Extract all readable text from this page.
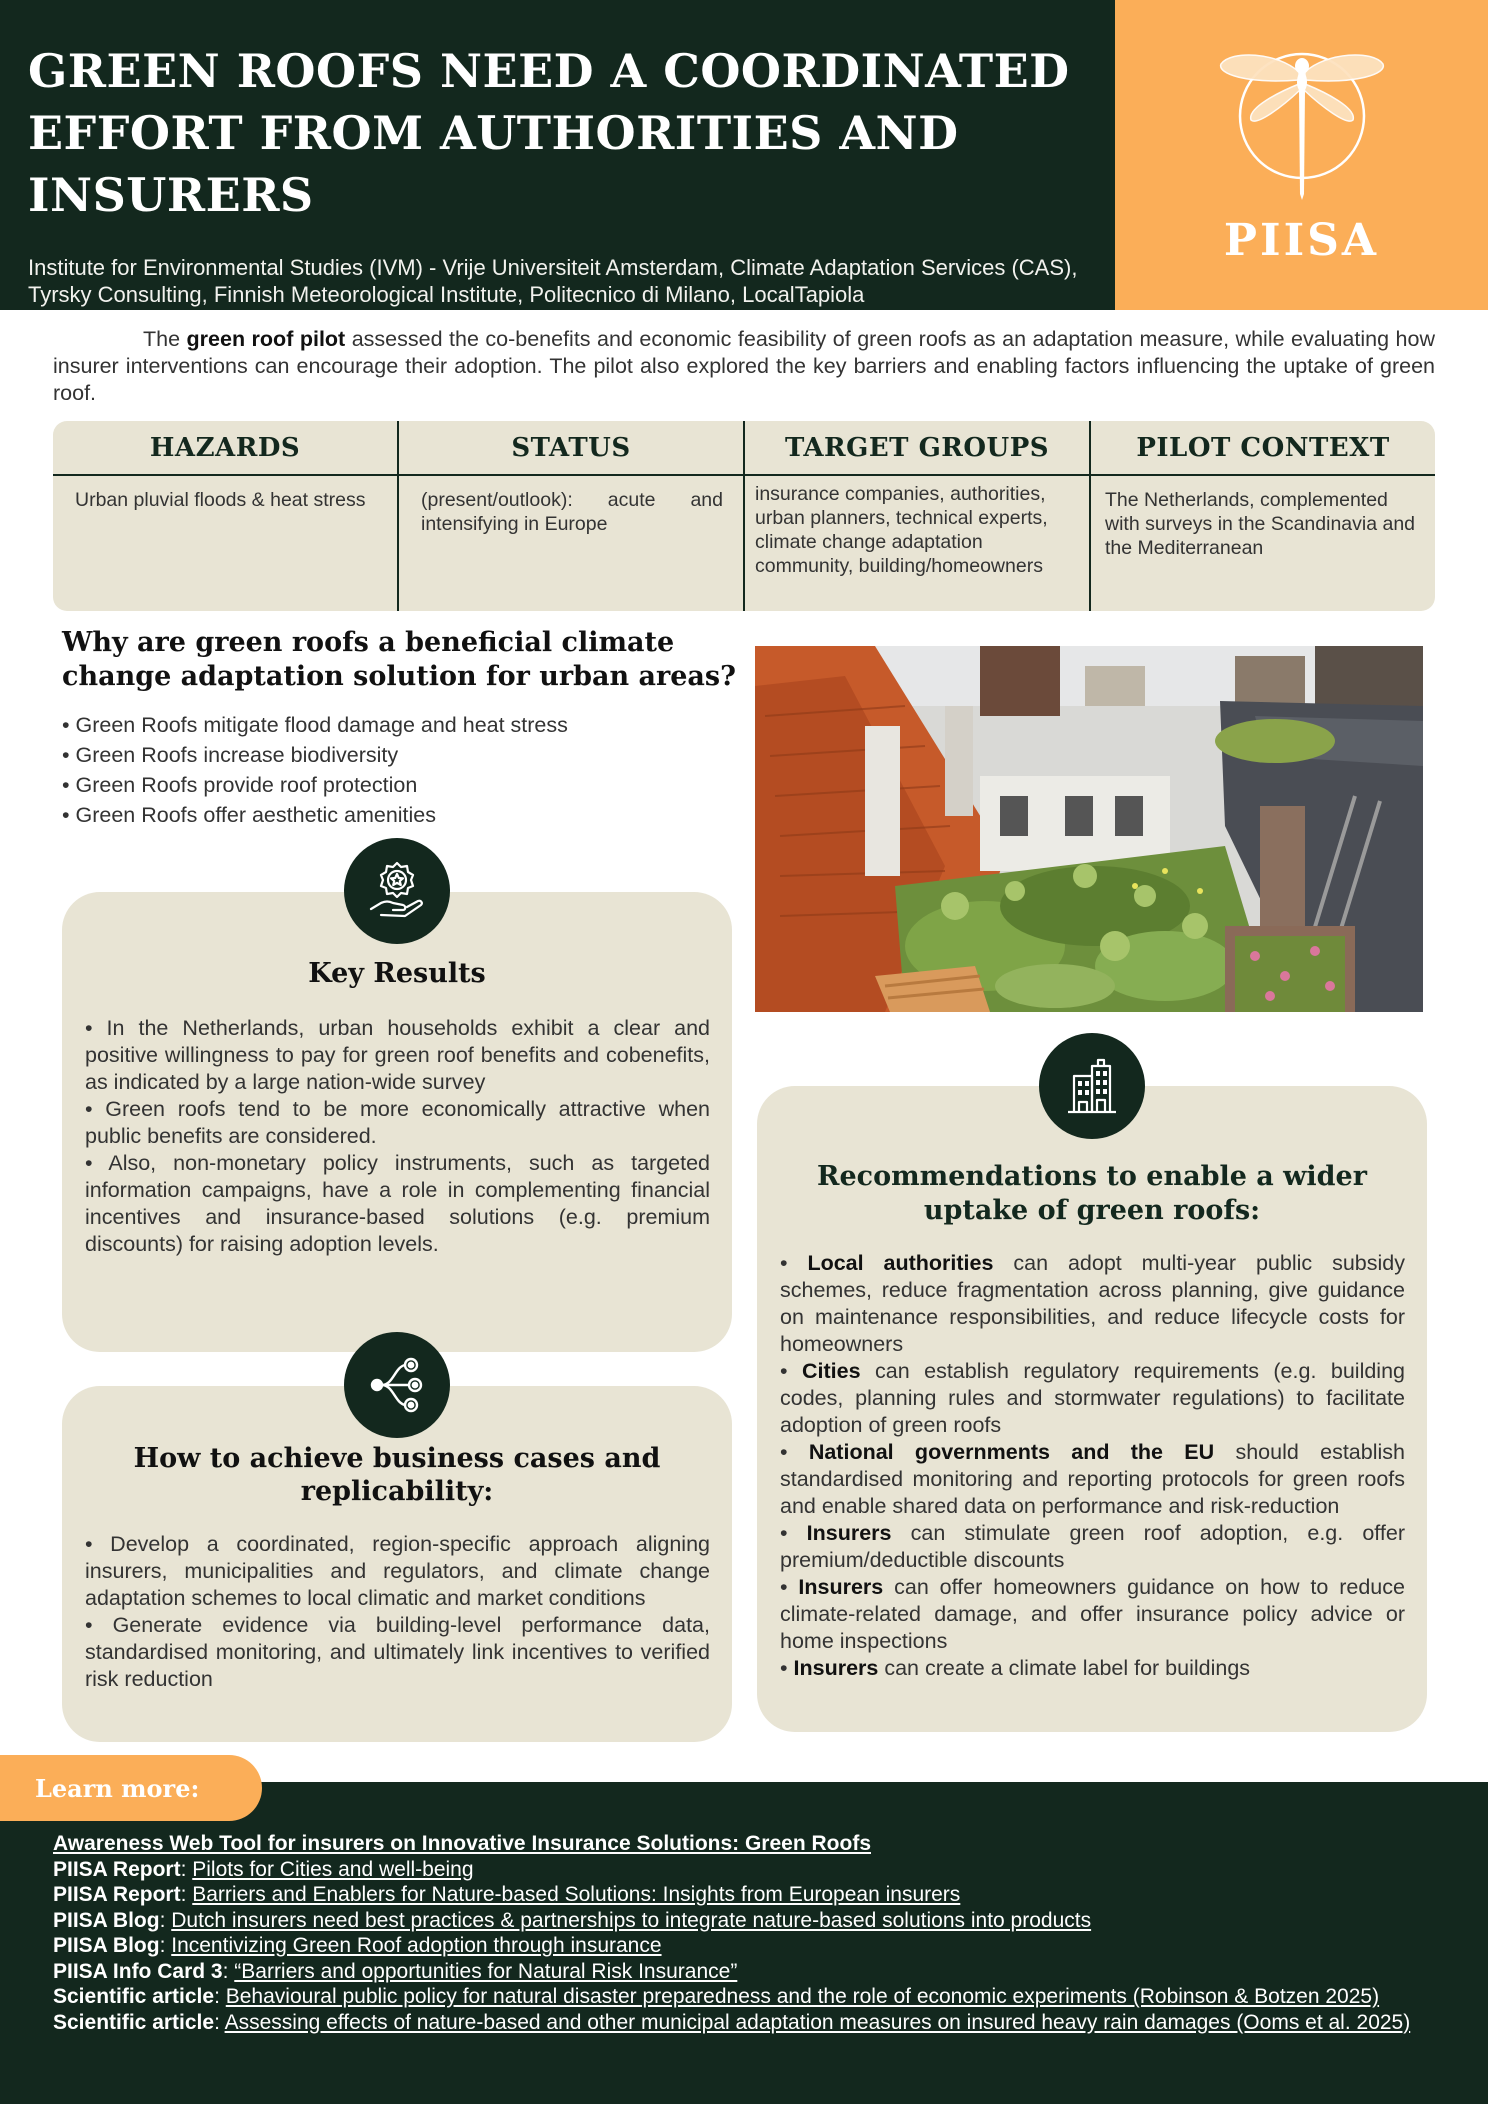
GREEN ROOFS NEED A COORDINATED
EFFORT FROM AUTHORITIES AND INSURERS

Institute for Environmental Studies (IVM) - Vrije Universiteit Amsterdam, Climate Adaptation Services (CAS), Tyrsky Consulting, Finnish Meteorological Institute, Politecnico di Milano, LocalTapiola

PIISA

The green roof pilot assessed the co-benefits and economic feasibility of green roofs as an adaptation measure, while evaluating how insurer interventions can encourage their adoption. The pilot also explored the key barriers and enabling factors influencing the uptake of green roof.

HAZARDS
Urban pluvial floods & heat stress
STATUS
(present/outlook): acute and intensifying in Europe
TARGET GROUPS
insurance companies, authorities, urban planners, technical experts, climate change adaptation community, building/homeowners
PILOT CONTEXT
The Netherlands, complemented with surveys in the Scandinavia and the Mediterranean
Why are green roofs a beneficial climate change adaptation solution for urban areas?
• Green Roofs mitigate flood damage and heat stress
• Green Roofs increase biodiversity
• Green Roofs provide roof protection
• Green Roofs offer aesthetic amenities
Key Results

• In the Netherlands, urban households exhibit a clear and positive willingness to pay for green roof benefits and cobenefits, as indicated by a large nation-wide survey

• Green roofs tend to be more economically attractive when public benefits are considered.

• Also, non-monetary policy instruments, such as targeted information campaigns, have a role in complementing financial incentives and insurance-based solutions (e.g. premium discounts) for raising adoption levels.

How to achieve business cases and replicability:

• Develop a coordinated, region-specific approach aligning insurers, municipalities and regulators, and climate change adaptation schemes to local climatic and market conditions

• Generate evidence via building-level performance data, standardised monitoring, and ultimately link incentives to verified risk reduction

Recommendations to enable a wider uptake of green roofs:

• Local authorities can adopt multi-year public subsidy schemes, reduce fragmentation across planning, give guidance on maintenance responsibilities, and reduce lifecycle costs for homeowners

• Cities can establish regulatory requirements (e.g. building codes, planning rules and stormwater regulations) to facilitate adoption of green roofs

• National governments and the EU should establish standardised monitoring and reporting protocols for green roofs and enable shared data on performance and risk-reduction

• Insurers can stimulate green roof adoption, e.g. offer premium/deductible discounts

• Insurers can offer homeowners guidance on how to reduce climate-related damage, and offer insurance policy advice or home inspections

• Insurers can create a climate label for buildings

Learn more:
Awareness Web Tool for insurers on Innovative Insurance Solutions: Green Roofs
PIISA Report: Pilots for Cities and well-being
PIISA Report: Barriers and Enablers for Nature-based Solutions: Insights from European insurers
PIISA Blog: Dutch insurers need best practices & partnerships to integrate nature-based solutions into products
PIISA Blog: Incentivizing Green Roof adoption through insurance
PIISA Info Card 3: “Barriers and opportunities for Natural Risk Insurance”
Scientific article: Behavioural public policy for natural disaster preparedness and the role of economic experiments (Robinson & Botzen 2025)
Scientific article: Assessing effects of nature-based and other municipal adaptation measures on insured heavy rain damages (Ooms et al. 2025)
